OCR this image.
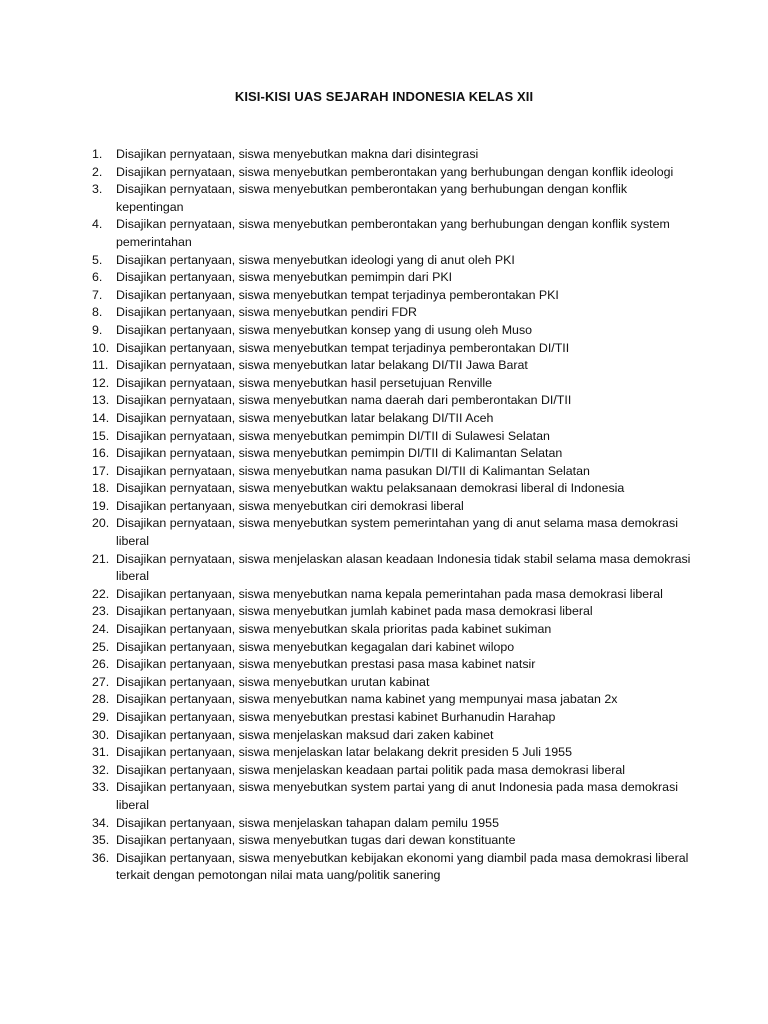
KISI-KISI UAS SEJARAH INDONESIA KELAS XII
1.	Disajikan pernyataan, siswa menyebutkan makna dari disintegrasi
2.	Disajikan pernyataan, siswa menyebutkan pemberontakan yang berhubungan dengan konflik ideologi
3.	Disajikan pernyataan, siswa menyebutkan pemberontakan yang berhubungan dengan konflik kepentingan
4.	Disajikan pernyataan, siswa menyebutkan pemberontakan yang berhubungan dengan konflik system pemerintahan
5.	Disajikan pertanyaan, siswa menyebutkan ideologi yang di anut oleh PKI
6.	Disajikan pertanyaan, siswa menyebutkan pemimpin dari PKI
7.	Disajikan pertanyaan, siswa menyebutkan tempat terjadinya pemberontakan PKI
8.	Disajikan pertanyaan, siswa menyebutkan pendiri FDR
9.	Disajikan pertanyaan, siswa menyebutkan konsep yang di usung oleh Muso
10. Disajikan pertanyaan, siswa menyebutkan tempat terjadinya pemberontakan DI/TII
11. Disajikan pernyataan, siswa menyebutkan latar belakang DI/TII Jawa Barat
12. Disajikan pernyataan, siswa menyebutkan hasil persetujuan Renville
13. Disajikan pernyataan, siswa menyebutkan nama daerah dari pemberontakan DI/TII
14. Disajikan pernyataan, siswa menyebutkan latar belakang DI/TII Aceh
15. Disajikan pernyataan, siswa menyebutkan pemimpin DI/TII di Sulawesi Selatan
16. Disajikan pernyataan, siswa menyebutkan pemimpin DI/TII di Kalimantan Selatan
17. Disajikan pernyataan, siswa menyebutkan nama pasukan DI/TII di Kalimantan Selatan
18. Disajikan pernyataan, siswa menyebutkan waktu pelaksanaan demokrasi liberal di Indonesia
19. Disajikan pertanyaan, siswa menyebutkan ciri demokrasi liberal
20. Disajikan pernyataan, siswa menyebutkan system pemerintahan yang di anut selama masa demokrasi liberal
21. Disajikan pernyataan, siswa menjelaskan alasan keadaan Indonesia tidak stabil selama masa demokrasi liberal
22. Disajikan pertanyaan, siswa menyebutkan nama kepala pemerintahan pada masa demokrasi liberal
23. Disajikan pertanyaan, siswa menyebutkan jumlah kabinet pada masa demokrasi liberal
24. Disajikan pertanyaan, siswa menyebutkan skala prioritas pada kabinet sukiman
25. Disajikan pertanyaan, siswa menyebutkan kegagalan dari kabinet wilopo
26. Disajikan pertanyaan, siswa menyebutkan prestasi pasa masa kabinet natsir
27. Disajikan pertanyaan, siswa menyebutkan urutan kabinat
28. Disajikan pertanyaan, siswa menyebutkan nama kabinet yang mempunyai masa jabatan 2x
29. Disajikan pertanyaan, siswa menyebutkan prestasi kabinet Burhanudin Harahap
30. Disajikan pertanyaan, siswa menjelaskan maksud dari zaken kabinet
31. Disajikan pertanyaan, siswa menjelaskan latar belakang dekrit presiden 5 Juli 1955
32. Disajikan pertanyaan, siswa menjelaskan keadaan partai politik pada masa demokrasi liberal
33. Disajikan pertanyaan, siswa menyebutkan system partai yang di anut Indonesia pada masa demokrasi liberal
34. Disajikan pertanyaan, siswa menjelaskan tahapan dalam pemilu 1955
35. Disajikan pertanyaan, siswa menyebutkan tugas dari dewan konstituante
36. Disajikan pertanyaan, siswa menyebutkan kebijakan ekonomi yang diambil pada masa demokrasi liberal terkait dengan pemotongan nilai mata uang/politik sanering
